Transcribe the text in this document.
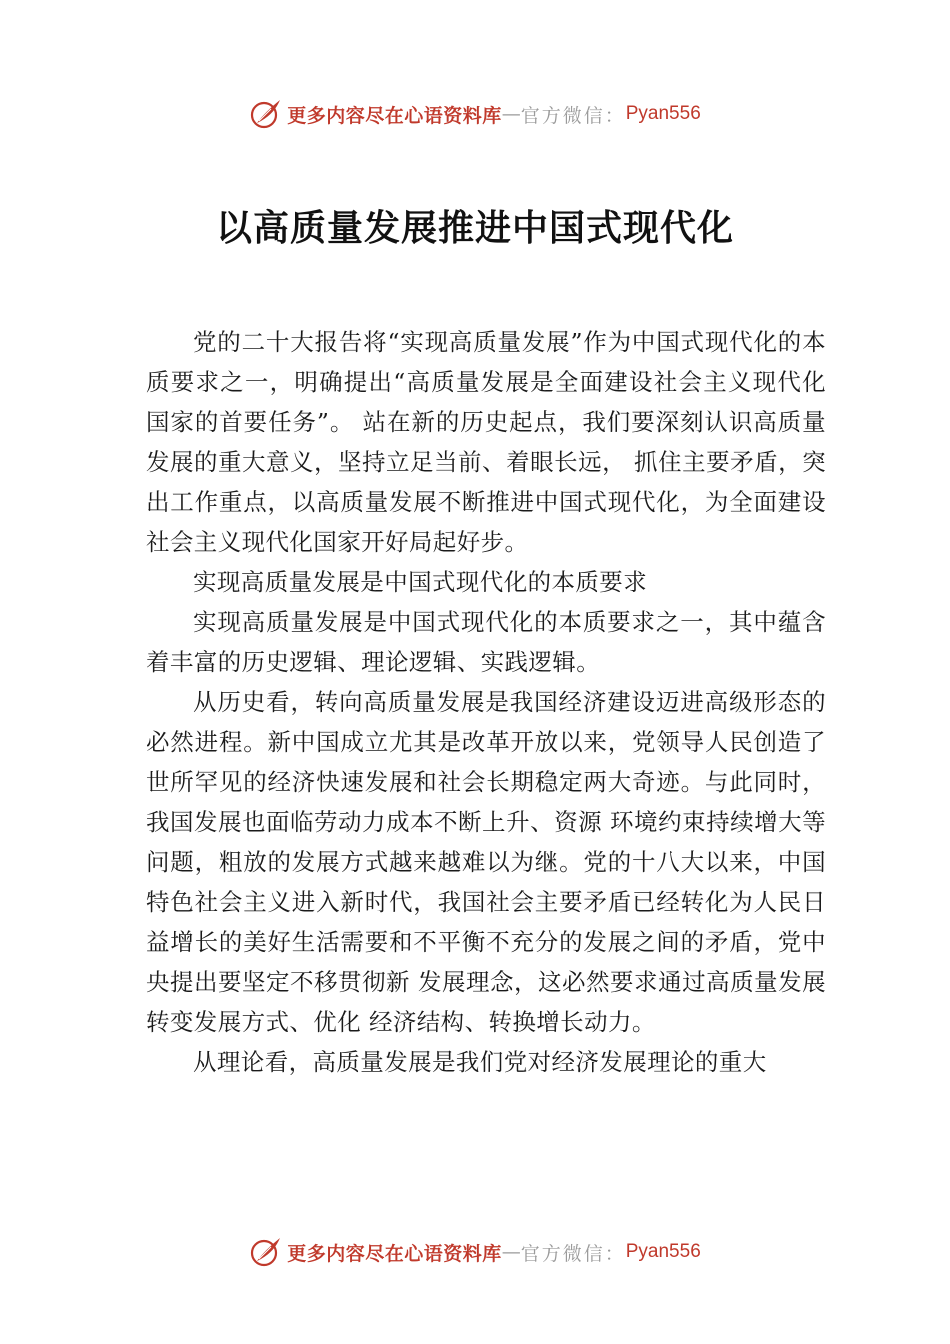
更多内容尽在心语资料库 — 官方微信： Pyan556
以高质量发展推进中国式现代化

党的二十大报告将“实现高质量发展”作为中国式现代化的本质要求之一，明确提出“高质量发展是全面建设社会主义现代化国家的首要任务”。 站在新的历史起点，我们要深刻认识高质量发展的重大意义，坚持立足当前、着眼长远， 抓住主要矛盾，突出工作重点，以高质量发展不断推进中国式现代化，为全面建设社会主义现代化国家开好局起好步。

实现高质量发展是中国式现代化的本质要求

实现高质量发展是中国式现代化的本质要求之一，其中蕴含着丰富的历史逻辑、理论逻辑、实践逻辑。

从历史看，转向高质量发展是我国经济建设迈进高级形态的必然进程。新中国成立尤其是改革开放以来，党领导人民创造了世所罕见的经济快速发展和社会长期稳定两大奇迹。与此同时，我国发展也面临劳动力成本不断上升、资源 环境约束持续增大等问题，粗放的发展方式越来越难以为继。党的十八大以来，中国特色社会主义进入新时代，我国社会主要矛盾已经转化为人民日益增长的美好生活需要和不平衡不充分的发展之间的矛盾，党中央提出要坚定不移贯彻新 发展理念，这必然要求通过高质量发展转变发展方式、优化 经济结构、转换增长动力。

从理论看，高质量发展是我们党对经济发展理论的重大

更多内容尽在心语资料库 — 官方微信： Pyan556
